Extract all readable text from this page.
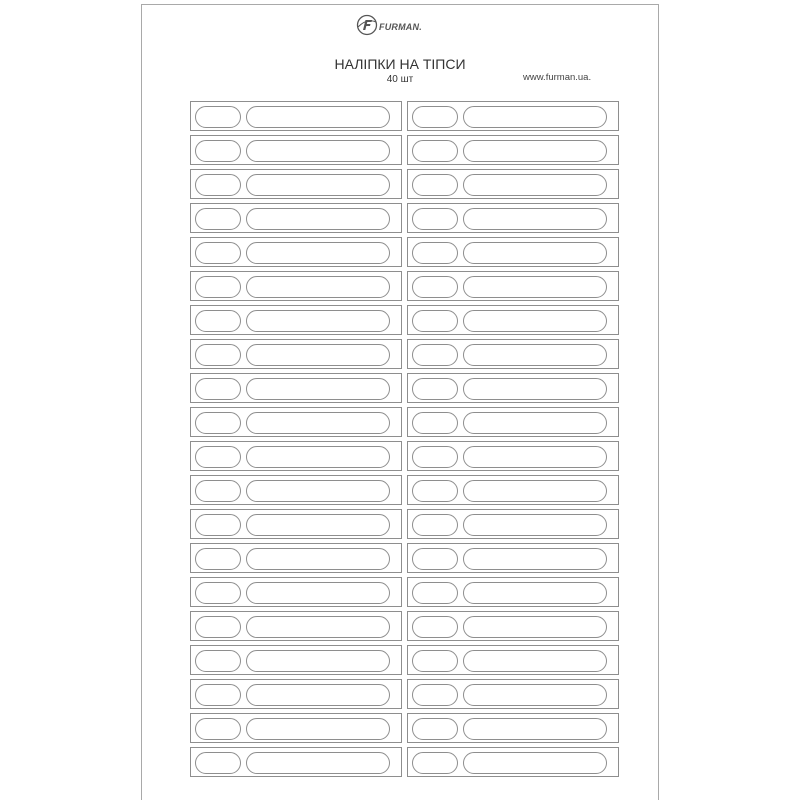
FURMAN.
НАЛІПКИ НА ТІПСИ
40 шт	www.furman.ua.
